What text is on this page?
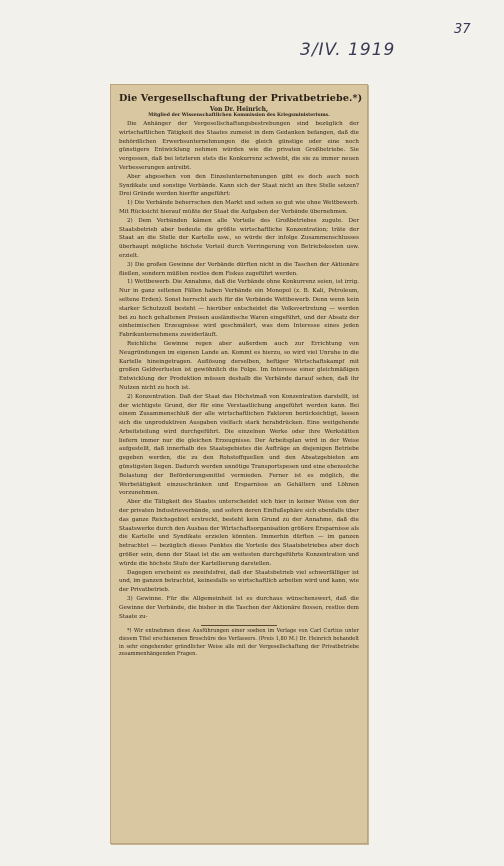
37
3/IV. 1919
Die Vergesellschaftung der Privatbetriebe.*)
Von Dr. Heinrich,
Mitglied der Wissenschaftlichen Kommission des Kriegsministeriums.

Die Anhänger der Vergesellschaftungsbestrebungen sind bezüglich der wirtschaftlichen Tätigkeit des Staates zumeist in dem Gedanken befangen, daß die behördlichen Erwerbsunternehmungen die gleich günstige oder eine noch günstigere Entwicklung nehmen würden wie die privaten Großbetriebe. Sie vergessen, daß bei letzteren stets die Konkurrenz schwebt, die sie zu immer neuen Verbesserungen antreibt.

Aber abgesehen von den Einzelunternehmungen gibt es doch auch noch Syndikate und sonstige Verbände. Kann sich der Staat nicht an ihre Stelle setzen? Drei Gründe werden hierfür angeführt:

1) Die Verbände beherrschen den Markt und sehen so gut wie ohne Wettbewerb. Mit Rücksicht hierauf müßte der Staat die Aufgaben der Verbände übernehmen.

2) Dem Verbänden kämen alle Vorteile des Großbetriebes zugute. Der Staatsbetrieb aber bedeute die größte wirtschaftliche Konzentration; träte der Staat an die Stelle der Kartelle usw., so würde der infolge Zusammenschlusses überhaupt mögliche höchste Vorteil durch Verringerung von Betriebskosten usw. erzielt.

3) Die großen Gewinne der Verbände dürften nicht in die Taschen der Aktionäre fließen, sondern müßten restlos dem Fiskus zugeführt werden.

1) Wettbewerb. Die Annahme, daß die Verbände ohne Konkurrenz seien, ist irrig. Nur in ganz seltenen Fällen haben Verbände ein Monopol (z. B. Kali, Petroleum, seltene Erden). Sonst herrscht auch für die Verbände Wettbewerb. Denn wenn kein starker Schutzzoll besteht — hierüber entscheidet die Volksvertretung — werden bei zu hoch gehaltenen Preisen ausländische Waren eingeführt, und der Absatz der einheimischen Erzeugnisse wird geschmälert, was dem Interesse eines jeden Fabrikunternehmens zuwiderläuft.

Reichliche Gewinne regen aber außerdem auch zur Errichtung von Neugründungen im eigenen Lande an. Kommt es hierzu, so wird viel Unruhe in die Kartelle hineingetragen. Auflösung derselben, heftiger Wirtschaftskampf mit großen Geldverlusten ist gewöhnlich die Folge. Im Interesse einer gleichmäßigen Entwicklung der Produktion müssen deshalb die Verbände darauf sehen, daß ihr Nutzen nicht zu hoch ist.

2) Konzentration. Daß der Staat das Höchstmaß von Konzentration darstellt, ist der wichtigste Grund, der für eine Verstaatlichung angeführt werden kann. Bei einem Zusammenschluß der alle wirtschaftlichen Faktoren berücksichtigt, lassen sich die unproduktiven Ausgaben vielfach stark herabdrücken. Eine weitgehende Arbeitsteilung wird durchgeführt. Die einzelnen Werke oder ihre Werkstätten liefern immer nur die gleichen Erzeugnisse. Der Arbeitsplan wird in der Weise aufgestellt, daß innerhalb des Staatsgebietes die Aufträge an diejenigen Betriebe gegeben werden, die zu den Rohstoffquellen und den Absatzgebieten am günstigsten liegen. Dadurch werden unnötige Transportspesen und eine ebensolche Belastung der Beförderungsmittel vermieden. Ferner ist es möglich, die Werbetätigkeit einzuschränken und Ersparnisse an Gehältern und Löhnen vorzunehmen.

Aber die Tätigkeit des Staates unterscheidet sich hier in keiner Weise von der der privaten Industrieverbände, und sofern deren Einflußsphäre sich ebenfalls über das ganze Reichsgebiet erstreckt, besteht kein Grund zu der Annahme, daß die Staatswerke durch den Ausbau der Wirtschaftsorganisation größere Ersparnisse als die Kartelle und Syndikate erzielen könnten. Immerhin dürften — im ganzen betrachtet — bezüglich dieses Punktes die Vorteile des Staatsbetriebes aber doch größer sein, denn der Staat ist die am weitesten durchgeführte Konzentration und würde die höchste Stufe der Kartellierung darstellen.

Dagegen erscheint es zweifelsfrei, daß der Staatsbetrieb viel schwerfälliger ist und, im ganzen betrachtet, keinesfalls so wirtschaftlich arbeiten wird und kann, wie der Privatbetrieb.

3) Gewinne. Für die Allgemeinheit ist es durchaus wünschenswert, daß die Gewinne der Verbände, die bisher in die Taschen der Aktionäre flossen, restlos dem Staate zu-

*) Wir entnehmen diese Ausführungen einer soeben im Verlage von Carl Curtius unter diesem Titel erschienenen Broschüre des Verfassers. (Preis 1,80 M.) Dr. Heinrich behandelt in sehr eingehender gründlicher Weise alle mit der Vergesellschaftung der Privatbetriebe zusammenhängenden Fragen.
